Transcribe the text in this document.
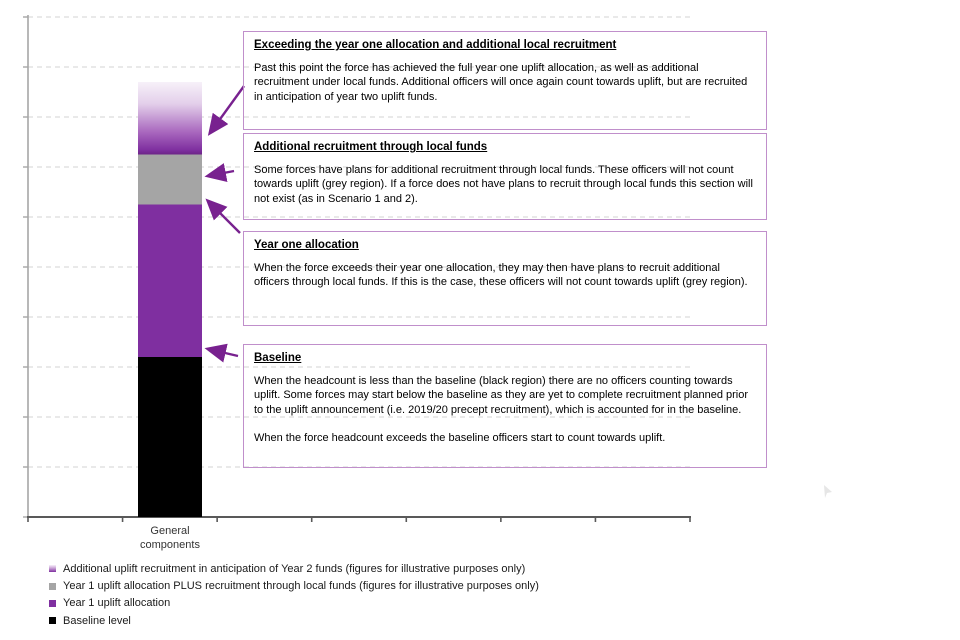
Exceeding the year one allocation and additional local recruitment

Past this point the force has achieved the full year one uplift allocation, as well as additional recruitment under local funds. Additional officers will once again count towards uplift, but are recruited in anticipation of year two uplift funds.

Additional recruitment through local funds

Some forces have plans for additional recruitment through local funds. These officers will not count towards uplift (grey region). If a force does not have plans to recruit through local funds this section will not exist (as in Scenario 1 and 2).

Year one allocation

When the force exceeds their year one allocation, they may then have plans to recruit additional officers through local funds. If this is the case, these officers will not count towards uplift (grey region).

Baseline

When the headcount is less than the baseline (black region) there are no officers counting towards uplift. Some forces may start below the baseline as they are yet to complete recruitment planned prior to the uplift announcement (i.e. 2019/20 precept recruitment), which is accounted for in the baseline.

When the force headcount exceeds the baseline officers start to count towards uplift.

General components
Additional uplift recruitment in anticipation of Year 2 funds (figures for illustrative purposes only)
Year 1 uplift allocation PLUS recruitment through local funds (figures for illustrative purposes only)
Year 1 uplift allocation
Baseline level
